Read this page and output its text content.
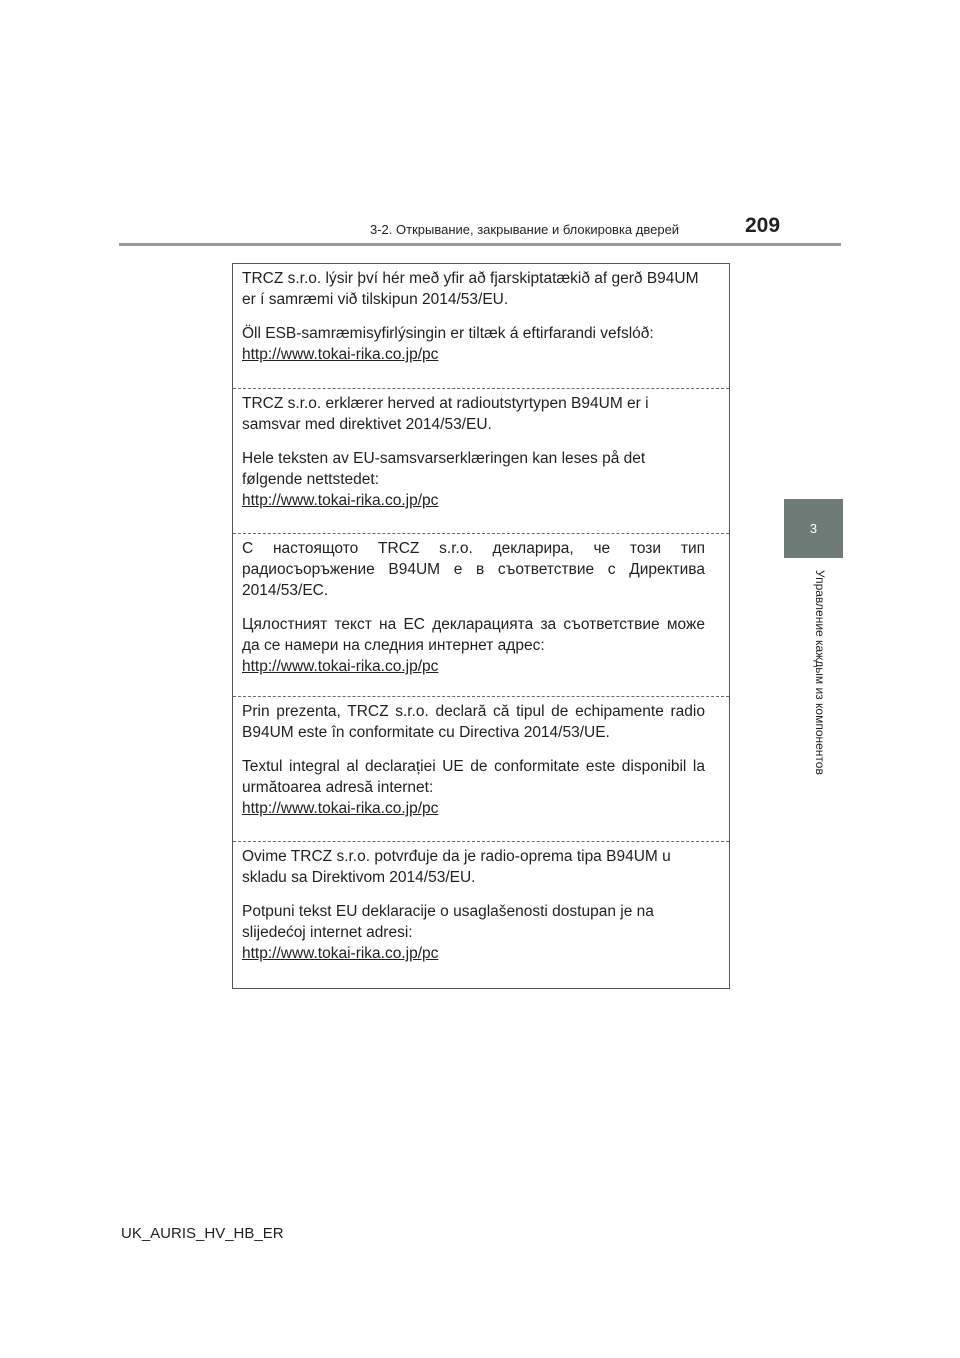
3-2. Открывание, закрывание и блокировка дверей	209
3
Управление каждым из компонентов

TRCZ s.r.o. lýsir því hér með yfir að fjarskiptatækið af gerð B94UM er í samræmi við tilskipun 2014/53/EU.

Öll ESB-samræmisyfirlýsingin er tiltæk á eftirfarandi vefslóð:

http://www.tokai-rika.co.jp/pc

TRCZ s.r.o. erklærer herved at radioutstyrtypen B94UM er i samsvar med direktivet 2014/53/EU.

Hele teksten av EU-samsvarserklæringen kan leses på det følgende nettstedet:

http://www.tokai-rika.co.jp/pc

С настоящото TRCZ s.r.o. декларира, че този тип радиосъоръжение B94UM е в съответствие с Директива 2014/53/ЕС.

Цялостният текст на ЕС декларацията за съответствие може да се намери на следния интернет адрес:

http://www.tokai-rika.co.jp/pc

Prin prezenta, TRCZ s.r.o. declară că tipul de echipamente radio B94UM este în conformitate cu Directiva 2014/53/UE.

Textul integral al declarației UE de conformitate este disponibil la următoarea adresă internet:

http://www.tokai-rika.co.jp/pc

Ovime TRCZ s.r.o. potvrđuje da je radio-oprema tipa B94UM u skladu sa Direktivom 2014/53/EU.

Potpuni tekst EU deklaracije o usaglašenosti dostupan je na slijedećoj internet adresi:

http://www.tokai-rika.co.jp/pc
UK_AURIS_HV_HB_ER
